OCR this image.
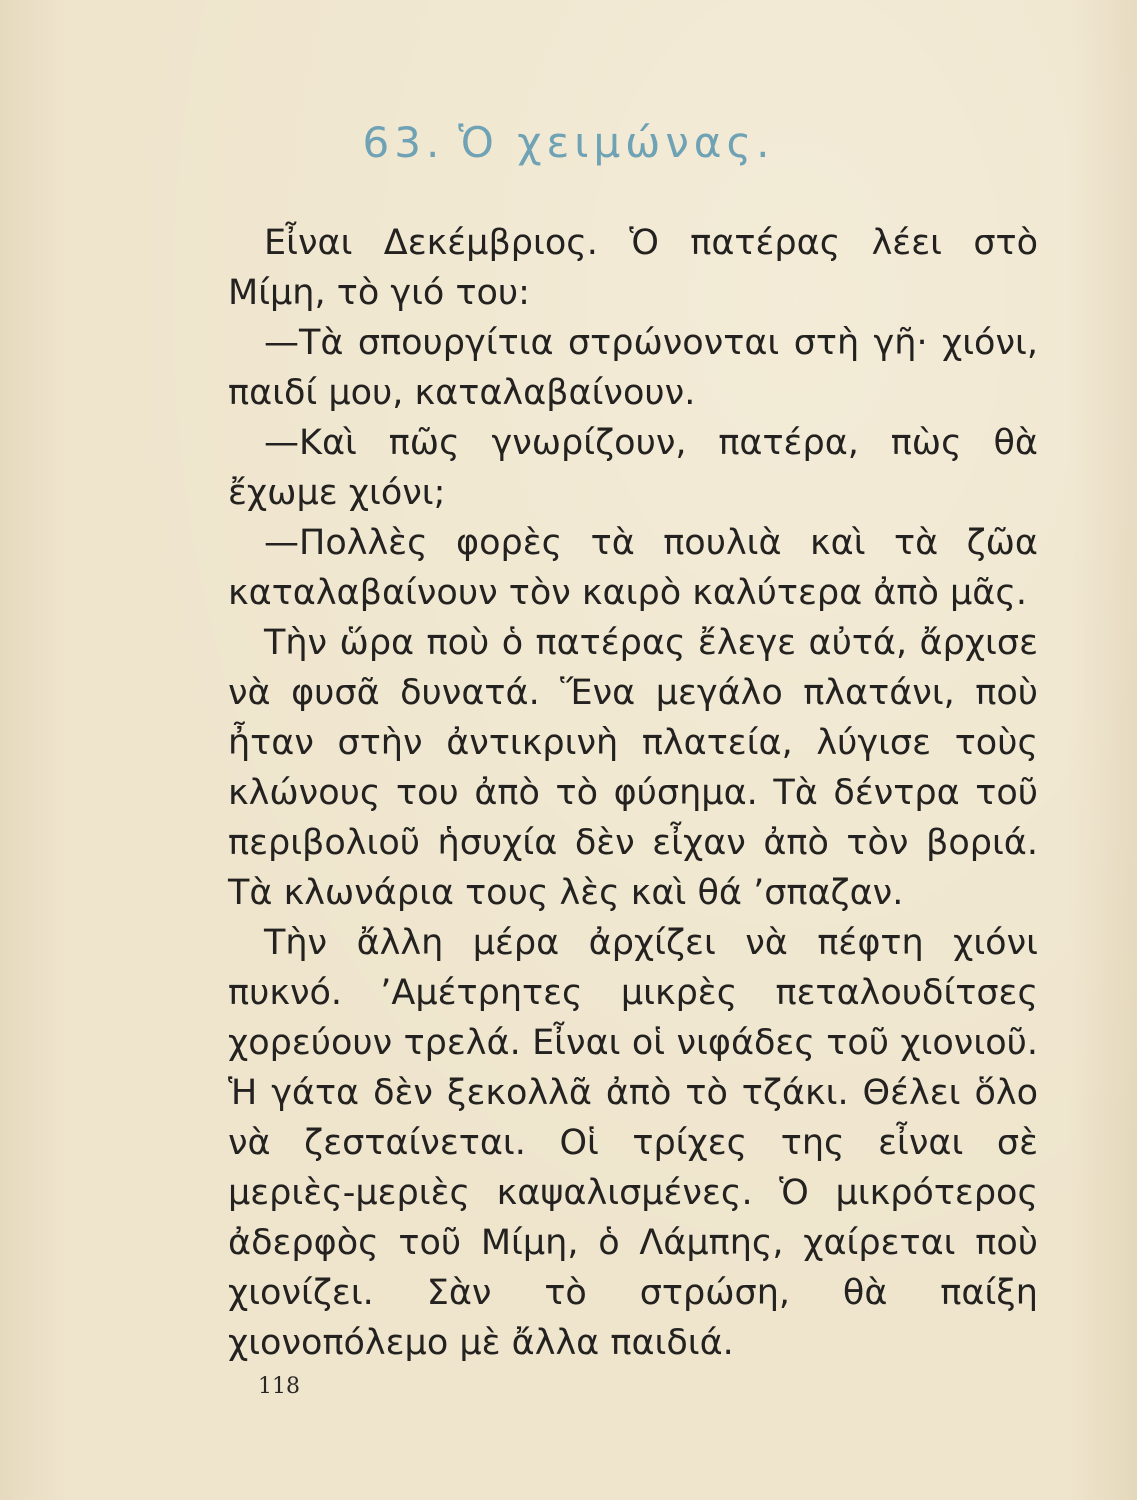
63. Ὁ χειμώνας.

Εἶναι Δεκέμβριος. Ὁ πατέρας λέει στὸ Μίμη, τὸ γιό του:

—Τὰ σπουργίτια στρώνονται στὴ γῆ· χιόνι, παιδί μου, καταλαβαίνουν.

—Καὶ πῶς γνωρίζουν, πατέρα, πὼς θὰ ἔχωμε χιόνι;

—Πολλὲς φορὲς τὰ πουλιὰ καὶ τὰ ζῶα καταλαβαίνουν τὸν καιρὸ καλύτερα ἀπὸ μᾶς.

Τὴν ὥρα ποὺ ὁ πατέρας ἔλεγε αὐτά, ἄρχισε νὰ φυσᾶ δυνατά. Ἕνα μεγάλο πλατάνι, ποὺ ἦταν στὴν ἀντικρινὴ πλατεία, λύγισε τοὺς κλώνους του ἀπὸ τὸ φύσημα. Τὰ δέντρα τοῦ περιβολιοῦ ἡσυχία δὲν εἶχαν ἀπὸ τὸν βοριά. Τὰ κλωνάρια τους λὲς καὶ θά ’σπαζαν.

Τὴν ἄλλη μέρα ἀρχίζει νὰ πέφτη χιόνι πυκνό. ’Αμέτρητες μικρὲς πεταλουδίτσες χορεύουν τρελά. Εἶναι οἱ νιφάδες τοῦ χιονιοῦ. Ἡ γάτα δὲν ξεκολλᾶ ἀπὸ τὸ τζάκι. Θέλει ὅλο νὰ ζεσταίνεται. Οἱ τρίχες της εἶναι σὲ μεριὲς-μεριὲς καψαλισμένες. Ὁ μικρότερος ἀδερφὸς τοῦ Μίμη, ὁ Λάμπης, χαίρεται ποὺ χιονίζει. Σὰν τὸ στρώση, θὰ παίξη χιονοπόλεμο μὲ ἄλλα παιδιά.

118
